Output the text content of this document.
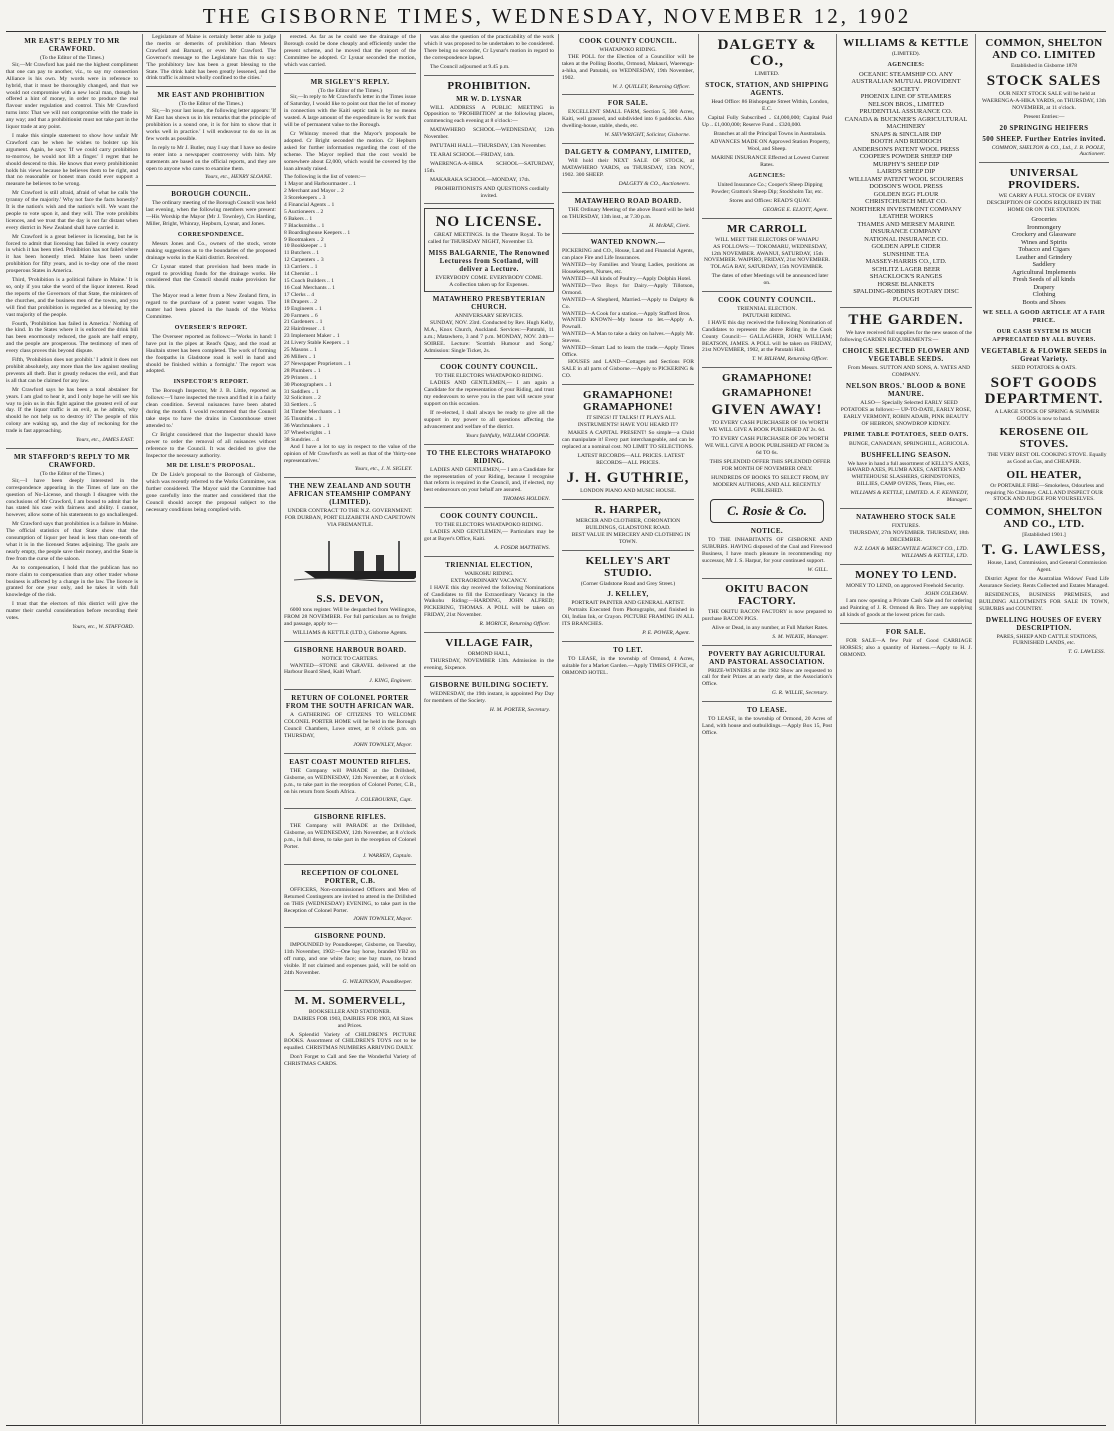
THE GISBORNE TIMES, WEDNESDAY, NOVEMBER 12, 1902
MR EAST'S REPLY TO MR CRAWFORD.
(To the Editor of the Times.)

Sir,—Mr Crawford has paid me the highest compliment that one can pay to another, viz., to say my connection Alliance is his own. My words were in reference to hybrid, that it must be thoroughly changed, and that we would not compromise with a new local man, though he offered a hint of money, in order to produce the real flavour under regulation and control. This Mr Crawford turns into: That we will not compromise with the trade in any way; and that a prohibitionist must not take part in the liquor trade at any point.

I make this simple statement to show how unfair Mr Crawford can be when he wishes to bolster up his argument. Again, he says: 'If we could carry prohibition to-morrow, he would not lift a finger.' I regret that he should descend to this. He knows that every prohibitionist holds his views because he believes them to be right, and that no reasonable or honest man could ever support a measure he believes to be wrong.

Mr Crawford is still afraid, afraid of what he calls 'the tyranny of the majority.' Why not face the facts honestly? It is the nation's wish and the nation's will. We want the people to vote upon it, and they will. The vote prohibits licences, and we trust that the day is not far distant when every district in New Zealand shall have carried it.

Mr Crawford is a great believer in licensing, but he is forced to admit that licensing has failed in every country in which it has been tried. Prohibition has not failed where it has been honestly tried. Maine has been under prohibition for fifty years, and is to-day one of the most prosperous States in America.

Third, 'Prohibition is a political failure in Maine.' It is so, only if you take the word of the liquor interest. Read the reports of the Governors of that State, the ministers of the churches, and the business men of the towns, and you will find that prohibition is regarded as a blessing by the vast majority of the people.

Fourth, 'Prohibition has failed in America.' Nothing of the kind. In the States where it is enforced the drink bill has been enormously reduced, the gaols are half empty, and the people are prosperous. The testimony of men of every class proves this beyond dispute.

Fifth, 'Prohibition does not prohibit.' I admit it does not prohibit absolutely, any more than the law against stealing prevents all theft. But it greatly reduces the evil, and that is all that can be claimed for any law.

Mr Crawford says he has been a total abstainer for years. I am glad to hear it, and I only hope he will see his way to join us in this fight against the greatest evil of our day. If the liquor traffic is an evil, as he admits, why should he not help us to destroy it? The people of this colony are waking up, and the day of reckoning for the trade is fast approaching.

Yours, etc., JAMES EAST.
MR STAFFORD'S REPLY TO MR CRAWFORD.
(To the Editor of the Times.)

Sir,—I have been deeply interested in the correspondence appearing in the Times of late on the question of No-License, and though I disagree with the conclusions of Mr Crawford, I am bound to admit that he has stated his case with fairness and ability. I cannot, however, allow some of his statements to go unchallenged.

Mr Crawford says that prohibition is a failure in Maine. The official statistics of that State show that the consumption of liquor per head is less than one-tenth of what it is in the licensed States adjoining. The gaols are nearly empty, the people save their money, and the State is free from the curse of the saloon.

As to compensation, I hold that the publican has no more claim to compensation than any other trader whose business is affected by a change in the law. The licence is granted for one year only, and he takes it with full knowledge of the risk.

I trust that the electors of this district will give the matter their careful consideration before recording their votes.

Yours, etc., W. STAFFORD.

Legislature of Maine is certainly better able to judge the merits or demerits of prohibition than Messrs Crawford and Barnard, or even Mr Crawford. The Governor's message to the Legislature has this to say: 'The prohibitory law has been a great blessing to the State. The drink habit has been greatly lessened, and the drink traffic is almost wholly confined to the cities.'

MR EAST AND PROHIBITION
(To the Editor of the Times.)

Sir,—In your last issue, the following letter appears: 'If Mr East has shown us in his remarks that the principle of prohibition is a sound one, it is for him to show that it works well in practice.' I will endeavour to do so in as few words as possible.

In reply to Mr J. Butler, may I say that I have no desire to enter into a newspaper controversy with him. My statements are based on the official reports, and they are open to anyone who cares to examine them.

Yours, etc., HENRY SLOANE.
BOROUGH COUNCIL.

The ordinary meeting of the Borough Council was held last evening, when the following members were present:—His Worship the Mayor (Mr J. Townley), Crs Harding, Miller, Bright, Whinray, Hepburn, Lysnar, and Jones.

CORRESPONDENCE.

Messrs Jones and Co., owners of the stock, wrote making suggestions as to the boundaries of the proposed drainage works in the Kaiti district. Received.

Cr Lysnar stated that provision had been made in regard to providing funds for the drainage works. He considered that the Council should make provision for this.

The Mayor read a letter from a New Zealand firm, in regard to the purchase of a patent water wagon. The matter had been placed in the hands of the Works Committee.

OVERSEER'S REPORT.

The Overseer reported as follows:—'Works in hand: I have put in the pipes at Read's Quay, and the road at Haultain street has been completed. The work of forming the footpaths in Gladstone road is well in hand and should be finished within a fortnight.' The report was adopted.

INSPECTOR'S REPORT.

The Borough Inspector, Mr J. B. Little, reported as follows:—'I have inspected the town and find it in a fairly clean condition. Several nuisances have been abated during the month. I would recommend that the Council take steps to have the drains in Customhouse street attended to.'

Cr Bright considered that the Inspector should have power to order the removal of all nuisances without reference to the Council. It was decided to give the Inspector the necessary authority.

MR DE LISLE'S PROPOSAL.

Dr De Lisle's proposal to the Borough of Gisborne, which was recently referred to the Works Committee, was further considered. The Mayor said the Committee had gone carefully into the matter and considered that the Council should accept the proposal subject to the necessary conditions being complied with.

erected. As far as he could see the drainage of the Borough could be done cheaply and efficiently under the present scheme, and he moved that the report of the Committee be adopted. Cr Lysnar seconded the motion, which was carried.

MR SIGLEY'S REPLY.
(To the Editor of the Times.)

Sir,—In reply to Mr Crawford's letter in the Times issue of Saturday, I would like to point out that the lot of money in connection with the Kaiti septic tank is by no means wasted. A large amount of the expenditure is for work that will be of permanent value to the Borough.

Cr Whinray moved that the Mayor's proposals be adopted. Cr Bright seconded the motion. Cr Hepburn asked for further information regarding the cost of the scheme. The Mayor replied that the cost would be somewhere about £2,000, which would be covered by the loan already raised.

The following is the list of voters:—
1 Mayor and Harbourmaster .. 1
2 Merchant and Mayor .. 2
3 Storekeepers .. 3
4 Financial Agents .. 1
5 Auctioneers .. 2
6 Bakers .. 1
7 Blacksmiths .. 1
8 Boardinghouse Keepers .. 1
9 Bootmakers .. 2
10 Bookkeeper .. 1
11 Butchers .. 1
12 Carpenters .. 3
13 Carriers .. 1
14 Chemist .. 1
15 Coach Builders .. 1
16 Coal Merchants .. 1
17 Clerks .. 4
18 Drapers .. 2
19 Engineers .. 1
20 Farmers .. 6
21 Gardeners .. 1
22 Hairdresser .. 1
23 Implement Maker .. 1
24 Livery Stable Keepers .. 1
25 Masons .. 1
26 Millers .. 1
27 Newspaper Proprietors .. 1
28 Plumbers .. 1
29 Printers .. 1
30 Photographers .. 1
31 Saddlers .. 1
32 Solicitors .. 2
33 Settlers .. 5
34 Timber Merchants .. 1
35 Tinsmiths .. 1
36 Watchmakers .. 1
37 Wheelwrights .. 1
38 Sundries .. 4

And I have a lot to say in respect to the value of the opinion of Mr Crawford's as well as that of the 'thirty-one representatives.'

Yours, etc., J. N. SIGLEY.
THE NEW ZEALAND AND SOUTH AFRICAN STEAMSHIP COMPANY (LIMITED).
UNDER CONTRACT TO THE N.Z. GOVERNMENT.
FOR DURBAN, PORT ELIZABETH AND CAPETOWN VIA FREMANTLE.
S.S. DEVON,

6000 tons register. Will be despatched from Wellington, FROM 28 NOVEMBER. For full particulars as to freight and passage, apply to—

WILLIAMS & KETTLE (LTD.), Gisborne Agents.
GISBORNE HARBOUR BOARD.
NOTICE TO CARTERS.

WANTED—STONE and GRAVEL delivered at the Harbour Board Shed, Kaiti Wharf.

J. KING, Engineer.
RETURN OF COLONEL PORTER FROM THE SOUTH AFRICAN WAR.

A GATHERING OF CITIZENS TO WELCOME COLONEL PORTER HOME will be held in the Borough Council Chambers, Lowe street, at 8 o'clock p.m. on THURSDAY,

JOHN TOWNLEY, Mayor.
EAST COAST MOUNTED RIFLES.

THE Company will PARADE at the Drillshed, Gisborne, on WEDNESDAY, 12th November, at 8 o'clock p.m., to take part in the reception of Colonel Porter, C.B., on his return from South Africa.

J. COLEBOURNE, Capt.
GISBORNE RIFLES.

THE Company will PARADE at the Drillshed, Gisborne, on WEDNESDAY, 12th November, at 8 o'clock p.m., in full dress, to take part in the reception of Colonel Porter.

J. WARREN, Captain.
RECEPTION OF COLONEL PORTER, C.B.

OFFICERS, Non-commissioned Officers and Men of Returned Contingents are invited to attend in the Drillshed on THIS (WEDNESDAY) EVENING, to take part in the Reception of Colonel Porter.

JOHN TOWNLEY, Mayor.
GISBORNE POUND.

IMPOUNDED by Poundkeeper, Gisborne, on Tuesday, 11th November, 1902:—One bay horse, branded YB2 on off rump, and one white face; one bay mare, no brand visible. If not claimed and expenses paid, will be sold on 24th November.

G. WILKINSON, Poundkeeper.
M. M. SOMERVELL,
BOOKSELLER AND STATIONER.

DAIRIES FOR 1903, DAIRIES FOR 1903, All Sizes and Prices.

A Splendid Variety of CHILDREN'S PICTURE BOOKS. Assortment of CHILDREN'S TOYS not to be equalled. CHRISTMAS NUMBERS ARRIVING DAILY.

Don't Forget to Call and See the Wonderful Variety of CHRISTMAS CARDS.

was also the question of the practicability of the work which it was proposed to be undertaken to be considered. There being no seconder, Cr Lysnar's motion in regard to the correspondence lapsed.

The Council adjourned at 9.45 p.m.

PROHIBITION.
MR W. D. LYSNAR

WILL ADDRESS A PUBLIC MEETING in Opposition to 'PROHIBITION' at the following places, commencing each evening at 8 o'clock:—

MATAWHERO SCHOOL—WEDNESDAY, 12th November.

PATUTAHI HALL—THURSDAY, 13th November.

TE ARAI SCHOOL—FRIDAY, 14th.

WAERENGA-A-HIKA SCHOOL—SATURDAY, 15th.

MAKARAKA SCHOOL—MONDAY, 17th.

PROHIBITIONISTS AND QUESTIONS cordially invited.

NO LICENSE.

GREAT MEETINGS. In the Theatre Royal. To be called for THURSDAY NIGHT, November 13.

MISS BALGARNIE, The Renowned Lecturess from Scotland, will deliver a Lecture.
EVERYBODY COME. EVERYBODY COME.
A collection taken up for Expenses.
MATAWHERO PRESBYTERIAN CHURCH.
ANNIVERSARY SERVICES.

SUNDAY, NOV. 23rd. Conducted by Rev. Hugh Kelly, M.A., Knox Church, Auckland. Services:—Patutahi, 11 a.m.; Matawhero, 3 and 7 p.m. MONDAY, NOV. 24th—SOIREE. Lecture: 'Scottish Humour and Song.' Admission: Single Ticket, 2s.

COOK COUNTY COUNCIL.
TO THE ELECTORS WHATAPOKO RIDING.

LADIES AND GENTLEMEN,— I am again a Candidate for the representation of your Riding, and trust my endeavours to serve you in the past will secure your support on this occasion.

If re-elected, I shall always be ready to give all the support in my power to all questions affecting the advancement and welfare of the district.

Yours faithfully, WILLIAM COOPER.
TO THE ELECTORS WHATAPOKO RIDING.

LADIES AND GENTLEMEN,— I am a Candidate for the representation of your Riding, because I recognise that reform is required in the Council, and, if elected, my best endeavours on your behalf are assured.

THOMAS HOLDEN.
COOK COUNTY COUNCIL.
TO THE ELECTORS WHATAPOKO RIDING.

LADIES AND GENTLEMEN,— Particulars may be got at Bayer's Office, Kaiti.

A. FOSDR MATTHEWS.
TRIENNIAL ELECTION,
WAIKOHU RIDING.
EXTRAORDINARY VACANCY.

I HAVE this day received the following Nominations of Candidates to fill the Extraordinary Vacancy in the Waikohu Riding:—HARDING, JOHN ALFRED; PICKERING, THOMAS. A POLL will be taken on FRIDAY, 21st November.

R. MORICE, Returning Officer.
VILLAGE FAIR,
ORMOND HALL,

THURSDAY, NOVEMBER 13th. Admission in the evening, Sixpence.

GISBORNE BUILDING SOCIETY.

WEDNESDAY, the 19th instant, is appointed Pay Day for members of the Society.

H. M. PORTER, Secretary.
COOK COUNTY COUNCIL.
WHATAPOKO RIDING.

THE POLL for the Election of a Councillor will be taken at the Polling Booths, Ormond, Makauri, Waerenga-a-hika, and Patutahi, on WEDNESDAY, 19th November, 1902.

W. J. QUILLEY, Returning Officer.
FOR SALE.

EXCELLENT SMALL FARM, Section 5, 300 Acres, Kaiti, well grassed, and subdivided into 6 paddocks. Also dwelling-house, stable, sheds, etc.

W. SIEVWRIGHT, Solicitor, Gisborne.
DALGETY & COMPANY, LIMITED,

Will hold their NEXT SALE OF STOCK, at MATAWHERO YARDS, on THURSDAY, 13th NOV., 1902. 300 SHEEP.

DALGETY & CO., Auctioneers.
MATAWHERO ROAD BOARD.

THE Ordinary Meeting of the above Board will be held on THURSDAY, 13th inst., at 7.30 p.m.

H. McRAE, Clerk.
WANTED KNOWN.—
PICKERING and CO., House, Land and Financial Agents, can place Fire and Life Insurances.
WANTED—by Families and Young Ladies, positions as Housekeepers, Nurses, etc.
WANTED—All kinds of Poultry.—Apply Dolphin Hotel.
WANTED—Two Boys for Dairy.—Apply Tillotson, Ormond.
WANTED—A Shepherd, Married.—Apply to Dalgety & Co.
WANTED—A Cook for a station.—Apply Stafford Bros.
WANTED KNOWN—My house to let.—Apply A. Pownall.
WANTED—A Man to take a dairy on halves.—Apply Mr. Stevens.
WANTED—Smart Lad to learn the trade.—Apply Times Office.

HOUSES and LAND—Cottages and Sections FOR SALE in all parts of Gisborne.—Apply to PICKERING & CO.

GRAMAPHONE! GRAMAPHONE!

IT SINGS! IT TALKS! IT PLAYS ALL INSTRUMENTS! HAVE YOU HEARD IT?

MAKES A CAPITAL PRESENT! So simple—a Child can manipulate it! Every part interchangeable, and can be replaced at a nominal cost. NO LIMIT TO SELECTIONS.

LATEST RECORDS—ALL PRICES. LATEST RECORDS—ALL PRICES.

J. H. GUTHRIE,
LONDON PIANO AND MUSIC HOUSE.
R. HARPER,
MERCER AND CLOTHIER, CORONATION BUILDINGS, GLADSTONE ROAD.

BEST VALUE IN MERCERY AND CLOTHING IN TOWN.

KELLEY'S ART STUDIO.
(Corner Gladstone Road and Grey Street.)
J. KELLEY,
PORTRAIT PAINTER AND GENERAL ARTIST.

Portraits Executed from Photographs, and finished in Oil, Indian Ink, or Crayon. PICTURE FRAMING IN ALL ITS BRANCHES.

P. E. POWER, Agent.
TO LET.

TO LEASE, in the township of Ormond, 4 Acres, suitable for a Market Garden.—Apply TIMES OFFICE, or ORMOND HOTEL.

DALGETY & CO.,
LIMITED.
STOCK, STATION, AND SHIPPING AGENTS.

Head Office: 86 Bishopsgate Street Within, London, E.C.

Capital Fully Subscribed .. £4,000,000; Capital Paid Up .. £1,000,000; Reserve Fund .. £320,000.

Branches at all the Principal Towns in Australasia.

ADVANCES MADE ON Approved Station Property, Wool, and Sheep.

MARINE INSURANCE Effected at Lowest Current Rates.

AGENCIES:

United Insurance Co.; Cooper's Sheep Dipping Powder; Gratton's Sheep Dip; Stockholm Tar, etc.

Stores and Offices: READ'S QUAY.

GEORGE E. ELIOTT, Agent.
MR CARROLL
WILL MEET THE ELECTORS OF WAIAPU

AS FOLLOWS:— TOKOMARU, WEDNESDAY, 12th NOVEMBER. AWANUI, SATURDAY, 15th NOVEMBER. WAIPIRO, FRIDAY, 21st NOVEMBER. TOLAGA BAY, SATURDAY, 15th NOVEMBER.

The dates of other Meetings will be announced later on.

COOK COUNTY COUNCIL.
TRIENNIAL ELECTION.
PATUTAHI RIDING.

I HAVE this day received the following Nomination of Candidates to represent the above Riding in the Cook County Council:— GALLAGHER, JOHN WILLIAM; BEATSON, JAMES. A POLL will be taken on FRIDAY, 21st NOVEMBER, 1902, at the Patutahi Hall.

T. W. BILHAM, Returning Officer.
GRAMAPHONE!
GRAMAPHONE!
GIVEN AWAY!

TO EVERY CASH PURCHASER OF 10s WORTH WE WILL GIVE A BOOK PUBLISHED AT 2s. 6d.

TO EVERY CASH PURCHASER OF 20s WORTH WE WILL GIVE A BOOK PUBLISHED AT FROM 3s 6d TO 6s.

THIS SPLENDID OFFER THIS SPLENDID OFFER FOR MONTH OF NOVEMBER ONLY.

HUNDREDS OF BOOKS TO SELECT FROM, BY MODERN AUTHORS, AND ALL RECENTLY PUBLISHED.

C. Rosie & Co.
NOTICE.

TO THE INHABITANTS OF GISBORNE AND SUBURBS. HAVING disposed of the Coal and Firewood Business, I have much pleasure in recommending my successor, Mr J. S. Harpur, for your continued support.

W. GILL.
OKITU BACON FACTORY.

THE OKITU BACON FACTORY is now prepared to purchase BACON PIGS.

Alive or Dead, in any number, at Full Market Rates.

S. M. WILKIE, Manager.
POVERTY BAY AGRICULTURAL AND PASTORAL ASSOCIATION.

PRIZE-WINNERS at the 1902 Show are requested to call for their Prizes at an early date, at the Association's Office.

G. R. WILLIE, Secretary.
TO LEASE.

TO LEASE, in the township of Ormond, 20 Acres of Land, with house and outbuildings.—Apply Box 15, Post Office.

WILLIAMS & KETTLE
(LIMITED).
AGENCIES:
OCEANIC STEAMSHIP CO. ANY
AUSTRALIAN MUTUAL PROVIDENT SOCIETY
PHOENIX LINE OF STEAMERS
NELSON BROS., LIMITED
PRUDENTIAL ASSURANCE CO.
CANADA & BUCKNER'S AGRICULTURAL MACHINERY
SNAPS & SINCLAIR DIP
BOOTH AND RIDDIOCH
ANDERSON'S PATENT WOOL PRESS
COOPER'S POWDER SHEEP DIP
MURPHY'S SHEEP DIP
LAIRD'S SHEEP DIP
WILLIAMS' PATENT WOOL SCOURERS
DODSON'S WOOL PRESS
GOLDEN EGG FLOUR
CHRISTCHURCH MEAT CO.
NORTHERN INVESTMENT COMPANY
LEATHER WORKS
THAMES AND MERSEY MARINE INSURANCE COMPANY
NATIONAL INSURANCE CO.
GOLDEN APPLE CIDER
SUNSHINE TEA
MASSEY-HARRIS CO., LTD.
SCHLITZ LAGER BEER
SHACKLOCK'S RANGES
HORSE BLANKETS
SPALDING-ROBBINS ROTARY DISC PLOUGH
THE GARDEN.

We have received full supplies for the new season of the following GARDEN REQUIREMENTS:—

CHOICE SELECTED FLOWER AND VEGETABLE SEEDS.

From Messrs. SUTTON AND SONS, A. YATES AND COMPANY.

NELSON BROS.' BLOOD & BONE MANURE.

ALSO— Specially Selected EARLY SEED POTATOES as follows:— UP-TO-DATE, EARLY ROSE, EARLY VERMONT, ROBIN ADAIR, PINK BEAUTY OF HEBRON, SNOWDROP KIDNEY.

PRIME TABLE POTATOES, SEED OATS.

BUNGE, CANADIAN, SPRINGHILL, AGRICOLA.

BUSHFELLING SEASON.

We have in hand a full assortment of KELLY'S AXES, HAVARD AXES, PLUMB AXES, CARTER'S AND WHITEHOUSE SLASHERS, GRINDSTONES, BILLIES, CAMP OVENS, Tents, Flies, etc.

WILLIAMS & KETTLE, LIMITED. A. F. KENNEDY, Manager.
NATAWHERO STOCK SALE
FIXTURES.

THURSDAY, 27th NOVEMBER. THURSDAY, 18th DECEMBER.

N.Z. LOAN & MERCANTILE AGENCY CO., LTD. WILLIAMS & KETTLE, LTD.
MONEY TO LEND.

MONEY TO LEND, on approved Freehold Security.

JOHN COLEMAN.

I am now opening a Private Cash Sale and for ordering and Painting of J. R. Ormond & Bro. They are supplying all kinds of goods at the lowest prices for cash.

FOR SALE.

FOR SALE—A few Pair of Good CARRIAGE HORSES; also a quantity of Harness.—Apply to H. J. ORMOND.

COMMON, SHELTON AND CO. LIMITED
Established in Gisborne 1878
STOCK SALES

OUR NEXT STOCK SALE will be held at WAERENGA-A-HIKA YARDS, on THURSDAY, 13th NOVEMBER, at 11 o'clock.

Present Entries:—
20 SPRINGING HEIFERS
500 SHEEP. Further Entries invited.
COMMON, SHELTON & CO., Ltd., J. B. POOLE, Auctioneer.
UNIVERSAL PROVIDERS.

WE CARRY A FULL STOCK OF EVERY DESCRIPTION OF GOODS REQUIRED IN THE HOME OR ON THE STATION.

Groceries
Ironmongery
Crockery and Glassware
Wines and Spirits
Tobacco and Cigars
Leather and Grindery
Saddlery
Agricultural Implements
Fresh Seeds of all kinds
Drapery
Clothing
Boots and Shoes
WE SELL A GOOD ARTICLE AT A FAIR PRICE.
OUR CASH SYSTEM IS MUCH APPRECIATED BY ALL BUYERS.
VEGETABLE & FLOWER SEEDS in Great Variety.
SEED POTATOES & OATS.
SOFT GOODS DEPARTMENT.

A LARGE STOCK OF SPRING & SUMMER GOODS is now to hand.

KEROSENE OIL STOVES.

THE VERY BEST OIL COOKING STOVE. Equally as Good as Gas, and CHEAPER.

OIL HEATER,

Or PORTABLE FIRE—Smokeless, Odourless and requiring No Chimney. CALL AND INSPECT OUR STOCK AND JUDGE FOR YOURSELVES.

COMMON, SHELTON AND CO., LTD.
[Established 1901.]
T. G. LAWLESS,

House, Land, Commission, and General Commission Agent.

District Agent for the Australian Widows' Fund Life Assurance Society. Rents Collected and Estates Managed.

RESIDENCES, BUSINESS PREMISES, and BUILDING ALLOTMENTS FOR SALE IN TOWN, SUBURBS and COUNTRY.

DWELLING HOUSES OF EVERY DESCRIPTION.

PARES, SHEEP AND CATTLE STATIONS, FURNISHED LANDS, etc.

T. G. LAWLESS.
